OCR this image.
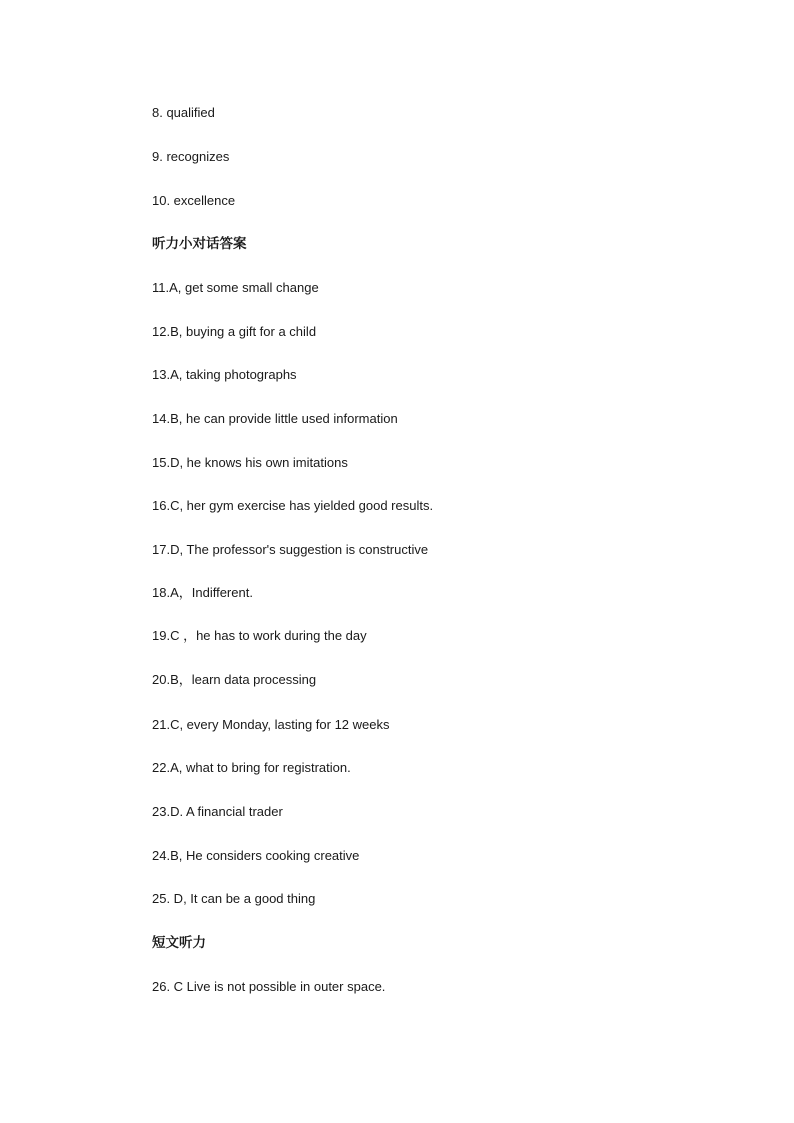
8. qualified
9. recognizes
10. excellence
听力小对话答案
11.A, get some small change
12.B, buying a gift for a child
13.A, taking photographs
14.B, he can provide little used information
15.D, he knows his own imitations
16.C, her gym exercise has yielded good results.
17.D, The professor's suggestion is constructive
18.A，Indifferent.
19.C ，he has to work during the day
20.B，learn data processing
21.C, every Monday, lasting for 12 weeks
22.A, what to bring for registration.
23.D. A financial trader
24.B, He considers cooking creative
25. D, It can be a good thing
短文听力
26. C Live is not possible in outer space.
